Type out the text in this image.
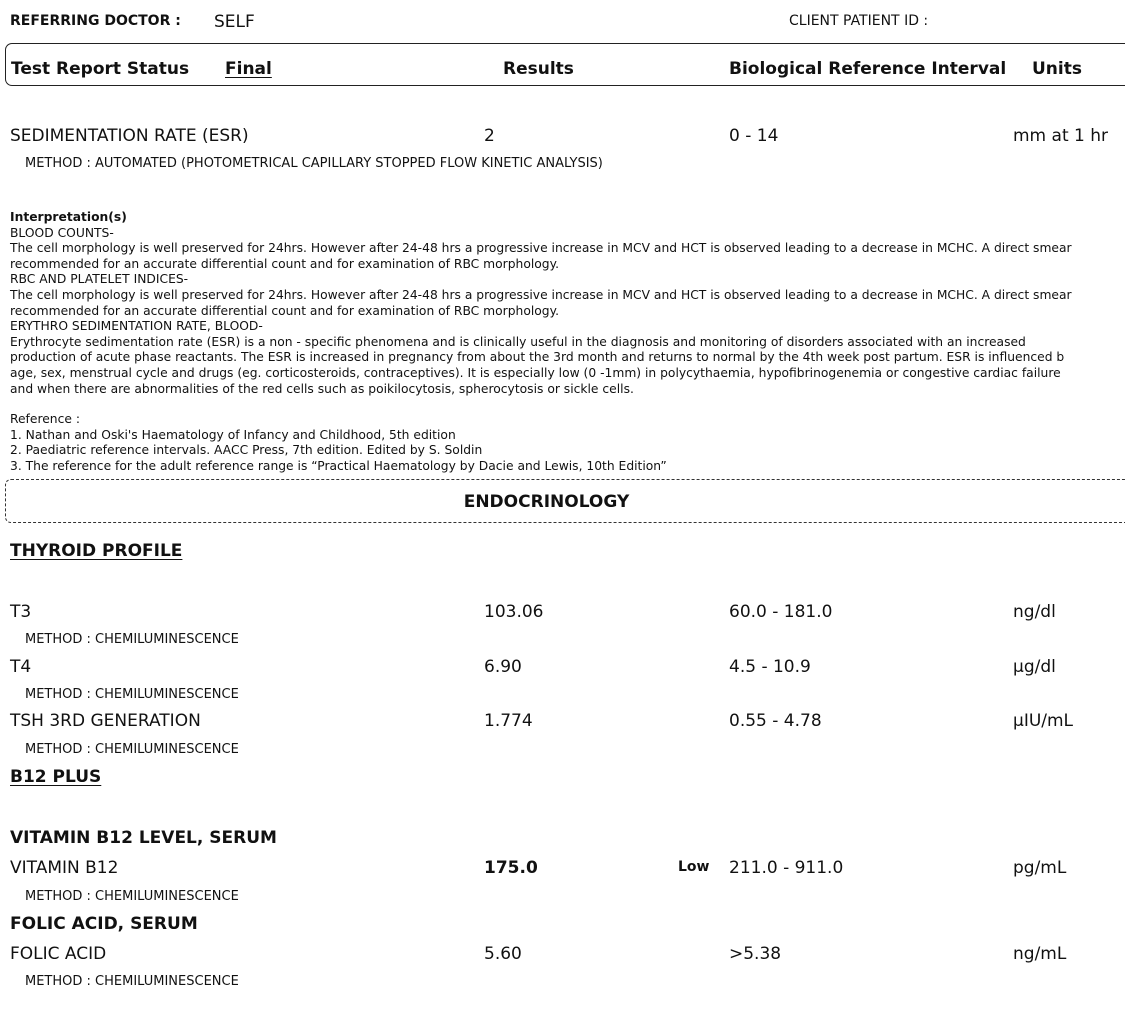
REFERRING DOCTOR : SELF	CLIENT PATIENT ID :
Test Report Status Final	Results	Biological Reference Interval Units
SEDIMENTATION RATE (ESR)	2	0 - 14	mm at 1 hr
METHOD : AUTOMATED (PHOTOMETRICAL CAPILLARY STOPPED FLOW KINETIC ANALYSIS)
Interpretation(s)
BLOOD COUNTS-
The cell morphology is well preserved for 24hrs. However after 24-48 hrs a progressive increase in MCV and HCT is observed leading to a decrease in MCHC. A direct smear
recommended for an accurate differential count and for examination of RBC morphology.
RBC AND PLATELET INDICES-
The cell morphology is well preserved for 24hrs. However after 24-48 hrs a progressive increase in MCV and HCT is observed leading to a decrease in MCHC. A direct smear
recommended for an accurate differential count and for examination of RBC morphology.
ERYTHRO SEDIMENTATION RATE, BLOOD-
Erythrocyte sedimentation rate (ESR) is a non - specific phenomena and is clinically useful in the diagnosis and monitoring of disorders associated with an increased
production of acute phase reactants. The ESR is increased in pregnancy from about the 3rd month and returns to normal by the 4th week post partum. ESR is influenced b
age, sex, menstrual cycle and drugs (eg. corticosteroids, contraceptives). It is especially low (0 -1mm) in polycythaemia, hypofibrinogenemia or congestive cardiac failure
and when there are abnormalities of the red cells such as poikilocytosis, spherocytosis or sickle cells.
Reference :
1. Nathan and Oski's Haematology of Infancy and Childhood, 5th edition
2. Paediatric reference intervals. AACC Press, 7th edition. Edited by S. Soldin
3. The reference for the adult reference range is “Practical Haematology by Dacie and Lewis, 10th Edition”
ENDOCRINOLOGY
THYROID PROFILE
T3	103.06	60.0 - 181.0	ng/dl
METHOD : CHEMILUMINESCENCE
T4	6.90	4.5 - 10.9	µg/dl
METHOD : CHEMILUMINESCENCE
TSH 3RD GENERATION	1.774	0.55 - 4.78	µIU/mL
METHOD : CHEMILUMINESCENCE
B12 PLUS
VITAMIN B12 LEVEL, SERUM
VITAMIN B12	175.0	Low 211.0 - 911.0	pg/mL
METHOD : CHEMILUMINESCENCE
FOLIC ACID, SERUM
FOLIC ACID	5.60	>5.38	ng/mL
METHOD : CHEMILUMINESCENCE
